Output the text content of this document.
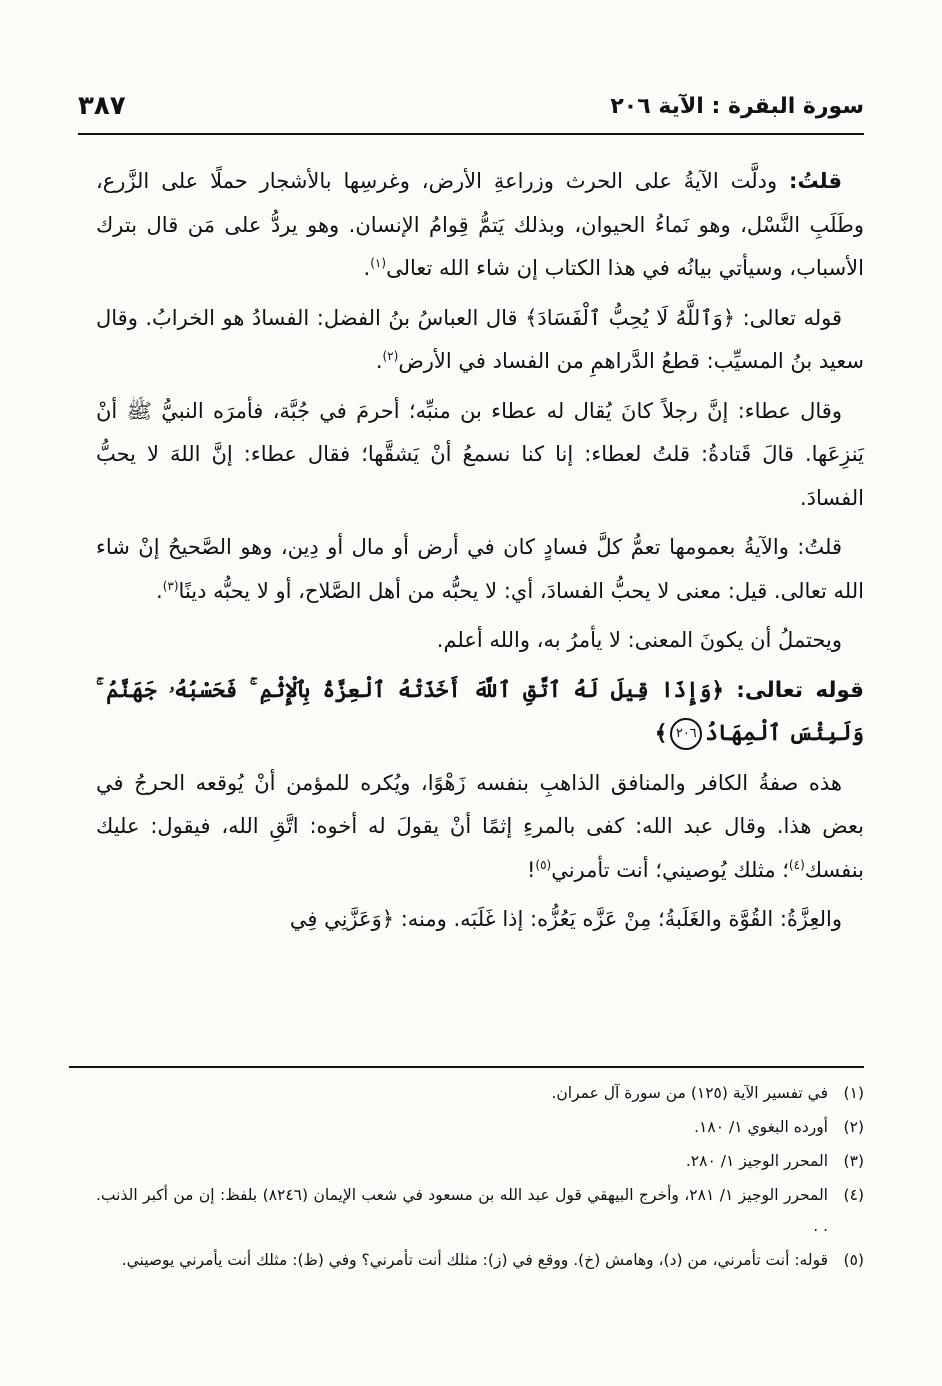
سورة البقرة : الآية ٢٠٦
٣٨٧

قلتُ: ودلَّت الآيةُ على الحرث وزراعةِ الأرض، وغرسِها بالأشجار حملًا على الزَّرع، وطَلَبِ النَّسْل، وهو نَماءُ الحيوان، وبذلك يَتمُّ قِوامُ الإنسان. وهو يردُّ على مَن قال بترك الأسباب، وسيأتي بيانُه في هذا الكتاب إن شاء الله تعالى$^{(١)}$.

قوله تعالى: ﴿وَٱللَّهُ لَا يُحِبُّ ٱلْفَسَادَ﴾ قال العباسُ بنُ الفضل: الفسادُ هو الخرابُ. وقال سعيد بنُ المسيِّب: قطعُ الدَّراهمِ من الفساد في الأرض$^{(٢)}$.

وقال عطاء: إنَّ رجلاً كانَ يُقال له عطاء بن منبِّه؛ أحرمَ في جُبَّة، فأمرَه النبيُّ ﷺ أنْ يَنزِعَها. قالَ قَتادةُ: قلتُ لعطاء: إنا كنا نسمعُ أنْ يَشقَّها؛ فقال عطاء: إنَّ اللهَ لا يحبُّ الفسادَ.

قلتُ: والآيةُ بعمومها تعمُّ كلَّ فسادٍ كان في أرض أو مال أو دِين، وهو الصَّحيحُ إنْ شاء الله تعالى. قيل: معنى لا يحبُّ الفسادَ، أي: لا يحبُّه من أهل الصَّلاح، أو لا يحبُّه دينًا$^{(٣)}$.

ويحتملُ أن يكونَ المعنى: لا يأمرُ به، والله أعلم.

قوله تعالى: ﴿وَإِذَا قِيلَ لَهُ ٱتَّقِ ٱللَّهَ أَخَذَتْهُ ٱلْعِزَّةُ بِٱلْإِثْمِ ۚ فَحَسْبُهُۥ جَهَنَّمُ ۚ وَلَبِئْسَ ٱلْمِهَادُ٢٠٦﴾

هذه صفةُ الكافر والمنافق الذاهبِ بنفسه زَهْوًا، ويُكره للمؤمن أنْ يُوقعه الحرجُ في بعض هذا. وقال عبد الله: كفى بالمرءِ إثمًا أنْ يقولَ له أخوه: اتَّقِ الله، فيقول: عليك بنفسك$^{(٤)}$؛ مثلك يُوصيني؛ أنت تأمرني$^{(٥)}$!

والعِزَّةُ: القُوَّة والغَلَبةُ؛ مِنْ عَزَّه يَعُزُّه: إذا غَلَبَه. ومنه: ﴿وَعَزَّنِي فِي

(١)
في تفسير الآية (١٢٥) من سورة آل عمران.
(٢)
أورده البغوي ١/ ١٨٠.
(٣)
المحرر الوجيز ١/ ٢٨٠.
(٤)
المحرر الوجيز ١/ ٢٨١، وأخرج البيهقي قول عبد الله بن مسعود في شعب الإيمان (٨٢٤٦) بلفظ: إن من أكبر الذنب. . .
(٥)
قوله: أنت تأمرني، من (د)، وهامش (خ). ووقع في (ز): مثلك أنت تأمرني؟ وفي (ظ): مثلك أنت يأمرني يوصيني.
